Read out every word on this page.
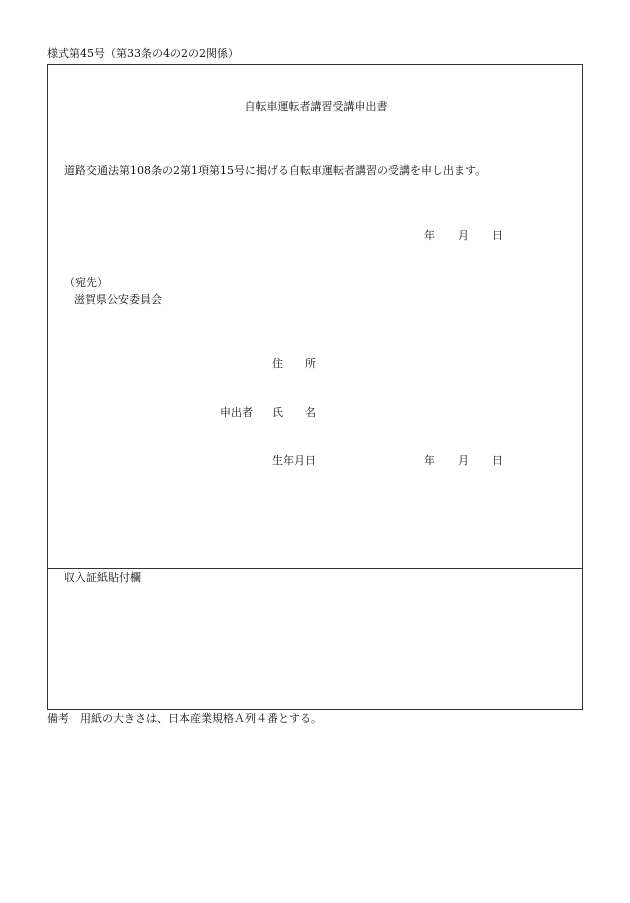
様式第45号（第33条の4の2の2関係）
自転車運転者講習受講申出書
道路交通法第108条の2第1項第15号に掲げる自転車運転者講習の受講を申し出ます。
年 月 日
（宛先）
滋賀県公安委員会
住 所
申出者 氏 名
生年月日	年 月 日
収入証紙貼付欄
備考　用紙の大きさは、日本産業規格Ａ列４番とする。
